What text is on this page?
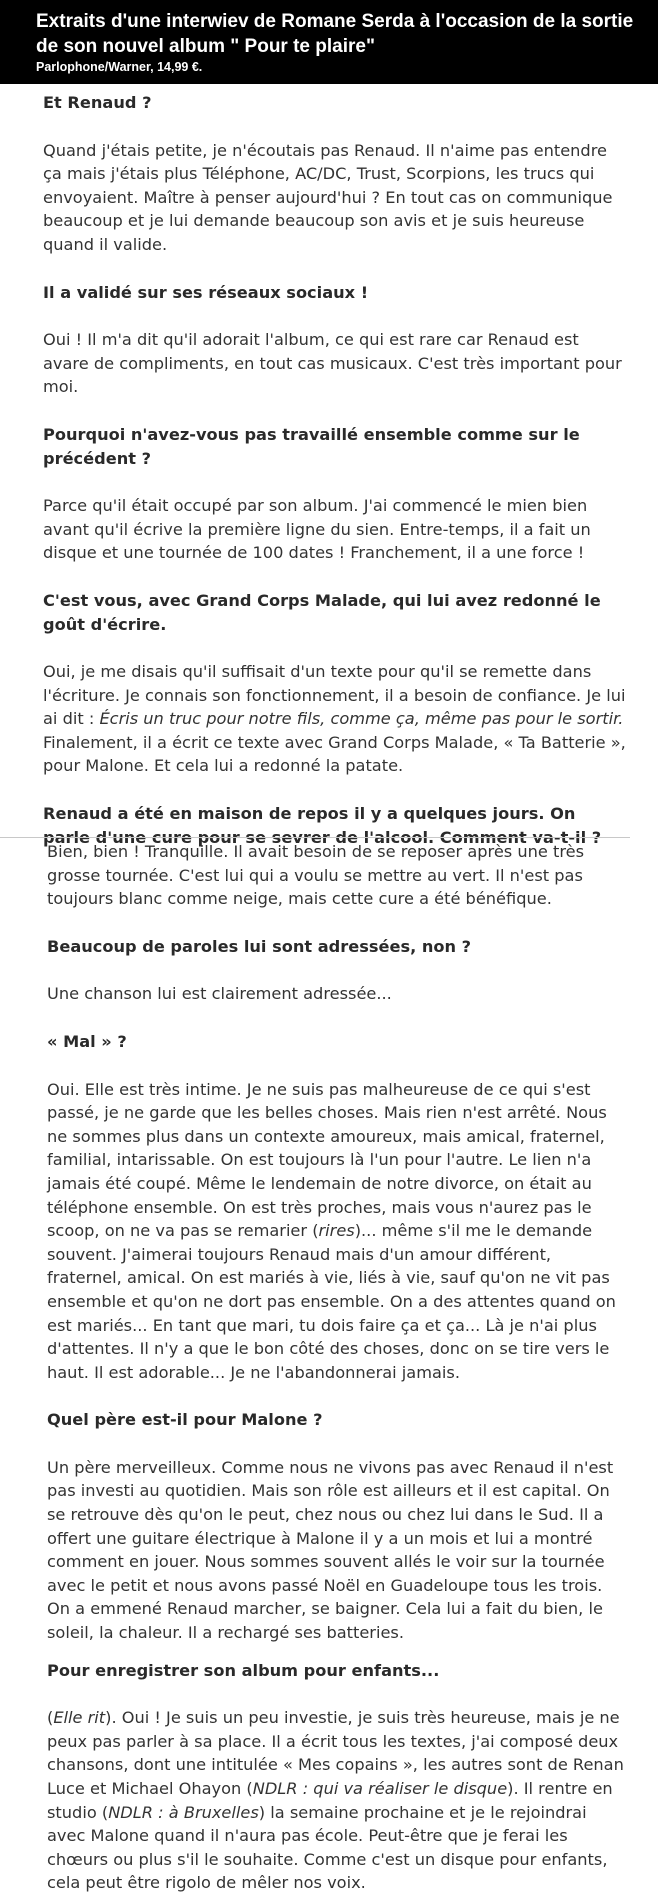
Extraits d'une interwiev de Romane Serda à l'occasion de la sortie de son nouvel album " Pour te plaire"

Parlophone/Warner, 14,99 €.

Et Renaud ?

Quand j'étais petite, je n'écoutais pas Renaud. Il n'aime pas entendre ça mais j'étais plus Téléphone, AC/DC, Trust, Scorpions, les trucs qui envoyaient. Maître à penser aujourd'hui ? En tout cas on communique beaucoup et je lui demande beaucoup son avis et je suis heureuse quand il valide.

Il a validé sur ses réseaux sociaux !

Oui ! Il m'a dit qu'il adorait l'album, ce qui est rare car Renaud est avare de compliments, en tout cas musicaux. C'est très important pour moi.

Pourquoi n'avez-vous pas travaillé ensemble comme sur le précédent ?

Parce qu'il était occupé par son album. J'ai commencé le mien bien avant qu'il écrive la première ligne du sien. Entre-temps, il a fait un disque et une tournée de 100 dates ! Franchement, il a une force !

C'est vous, avec Grand Corps Malade, qui lui avez redonné le goût d'écrire.

Oui, je me disais qu'il suffisait d'un texte pour qu'il se remette dans l'écriture. Je connais son fonctionnement, il a besoin de confiance. Je lui ai dit : Écris un truc pour notre fils, comme ça, même pas pour le sortir. Finalement, il a écrit ce texte avec Grand Corps Malade, « Ta Batterie », pour Malone. Et cela lui a redonné la patate.

Renaud a été en maison de repos il y a quelques jours. On parle d'une cure pour se sevrer de l'alcool. Comment va-t-il ?

Bien, bien ! Tranquille. Il avait besoin de se reposer après une très grosse tournée. C'est lui qui a voulu se mettre au vert. Il n'est pas toujours blanc comme neige, mais cette cure a été bénéfique.

Beaucoup de paroles lui sont adressées, non ?

Une chanson lui est clairement adressée...

« Mal » ?

Oui. Elle est très intime. Je ne suis pas malheureuse de ce qui s'est passé, je ne garde que les belles choses. Mais rien n'est arrêté. Nous ne sommes plus dans un contexte amoureux, mais amical, fraternel, familial, intarissable. On est toujours là l'un pour l'autre. Le lien n'a jamais été coupé. Même le lendemain de notre divorce, on était au téléphone ensemble. On est très proches, mais vous n'aurez pas le scoop, on ne va pas se remarier (rires)... même s'il me le demande souvent. J'aimerai toujours Renaud mais d'un amour différent, fraternel, amical. On est mariés à vie, liés à vie, sauf qu'on ne vit pas ensemble et qu'on ne dort pas ensemble. On a des attentes quand on est mariés... En tant que mari, tu dois faire ça et ça... Là je n'ai plus d'attentes. Il n'y a que le bon côté des choses, donc on se tire vers le haut. Il est adorable... Je ne l'abandonnerai jamais.

Quel père est-il pour Malone ?

Un père merveilleux. Comme nous ne vivons pas avec Renaud il n'est pas investi au quotidien. Mais son rôle est ailleurs et il est capital. On se retrouve dès qu'on le peut, chez nous ou chez lui dans le Sud. Il a offert une guitare électrique à Malone il y a un mois et lui a montré comment en jouer. Nous sommes souvent allés le voir sur la tournée avec le petit et nous avons passé Noël en Guadeloupe tous les trois. On a emmené Renaud marcher, se baigner. Cela lui a fait du bien, le soleil, la chaleur. Il a rechargé ses batteries.

Pour enregistrer son album pour enfants...

(Elle rit). Oui ! Je suis un peu investie, je suis très heureuse, mais je ne peux pas parler à sa place. Il a écrit tous les textes, j'ai composé deux chansons, dont une intitulée « Mes copains », les autres sont de Renan Luce et Michael Ohayon (NDLR : qui va réaliser le disque). Il rentre en studio (NDLR : à Bruxelles) la semaine prochaine et je le rejoindrai avec Malone quand il n'aura pas école. Peut-être que je ferai les chœurs ou plus s'il le souhaite. Comme c'est un disque pour enfants, cela peut être rigolo de mêler nos voix.
